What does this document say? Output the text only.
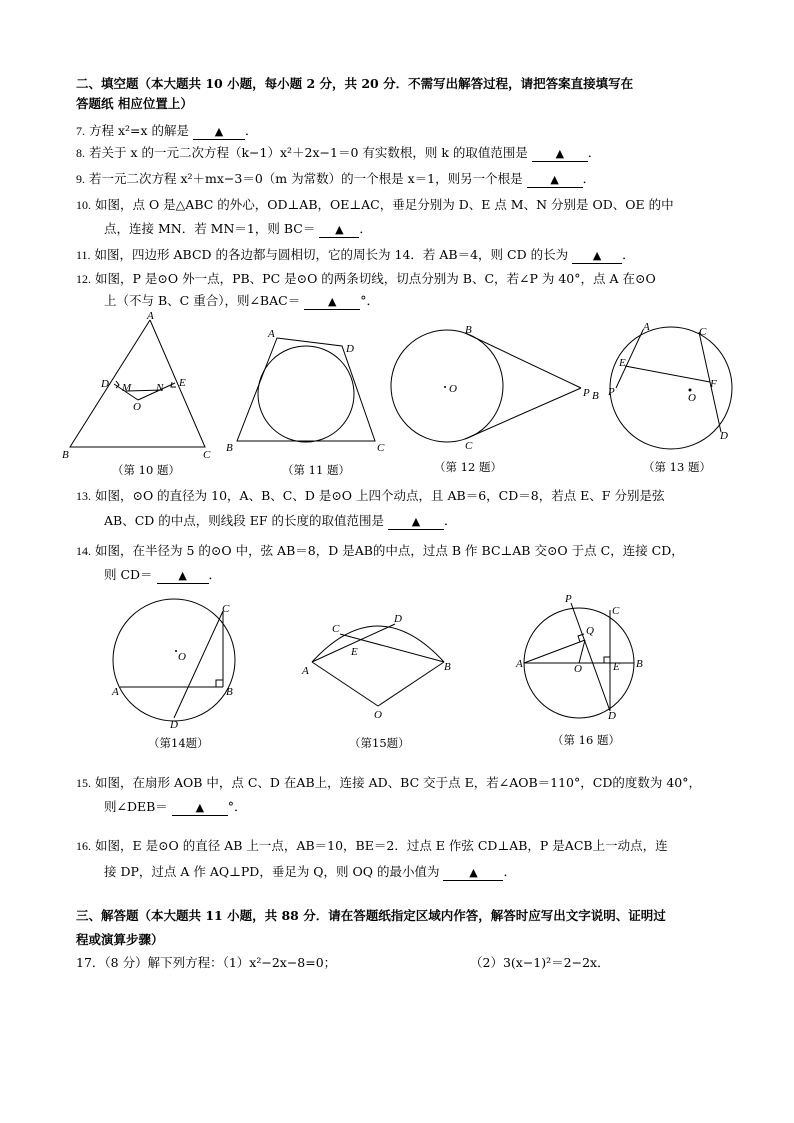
二、填空题（本大题共 10 小题，每小题 2 分，共 20 分．不需写出解答过程，请把答案直接填写在
答题纸 相应位置上）
7. 方程 x²=x 的解是 ▲ ．
8. 若关于 x 的一元二次方程（k−1）x²＋2x−1＝0 有实数根，则 k 的取值范围是	▲ ．
9. 若一元二次方程 x²＋mx−3＝0（m 为常数）的一个根是 x＝1，则另一个根是	▲ ．
10. 如图，点 O 是△ABC 的外心，OD⊥AB，OE⊥AC，垂足分别为 D、E 点 M、N 分别是 OD、OE 的中
点，连接 MN．若 MN＝1，则 BC＝ ▲ ．
11. 如图，四边形 ABCD 的各边都与圆相切，它的周长为 14．若 AB＝4，则 CD 的长为 ▲ ．
12. 如图，P 是⊙O 外一点，PB、PC 是⊙O 的两条切线，切点分别为 B、C，若∠P 为 40°，点 A 在⊙O
上（不与 B、C 重合），则∠BAC＝	▲ °．
A
B	C
D	E
M N
O
（第 10 题）
A
B	C
D
（第 11 题）
B
C
P
O
（第 12 题）
A
B
C
D
E
F
O
P
（第 13 题）
13. 如图，⊙O 的直径为 10，A、B、C、D 是⊙O 上四个动点，且 AB＝6，CD＝8，若点 E、F 分别是弦
AB、CD 的中点，则线段 EF 的长度的取值范围是	▲ ．
14. 如图，在半径为 5 的⊙O 中，弦 AB＝8，D 是AB的中点，过点 B 作 BC⊥AB 交⊙O 于点 C，连接 CD，
则 CD＝ ▲ ．
A	B
C
D
O
（第14题）
A	B
C
D
E
O
（第15题）
A	B
C
D
E
O
P
Q
（第 16 题）
15. 如图，在扇形 AOB 中，点 C、D 在AB上，连接 AD、BC 交于点 E，若∠AOB＝110°，CD的度数为 40°，
则∠DEB＝	▲ °．
16. 如图，E 是⊙O 的直径 AB 上一点，AB＝10，BE＝2．过点 E 作弦 CD⊥AB，P 是ACB上一动点，连
接 DP，过点 A 作 AQ⊥PD，垂足为 Q，则 OQ 的最小值为	▲ ．
三、解答题（本大题共 11 小题，共 88 分．请在答题纸指定区域内作答，解答时应写出文字说明、证明过
程或演算步骤）
17．（8 分）解下列方程：（1）x²−2x−8=0；	（2）3(x−1)²＝2−2x．
